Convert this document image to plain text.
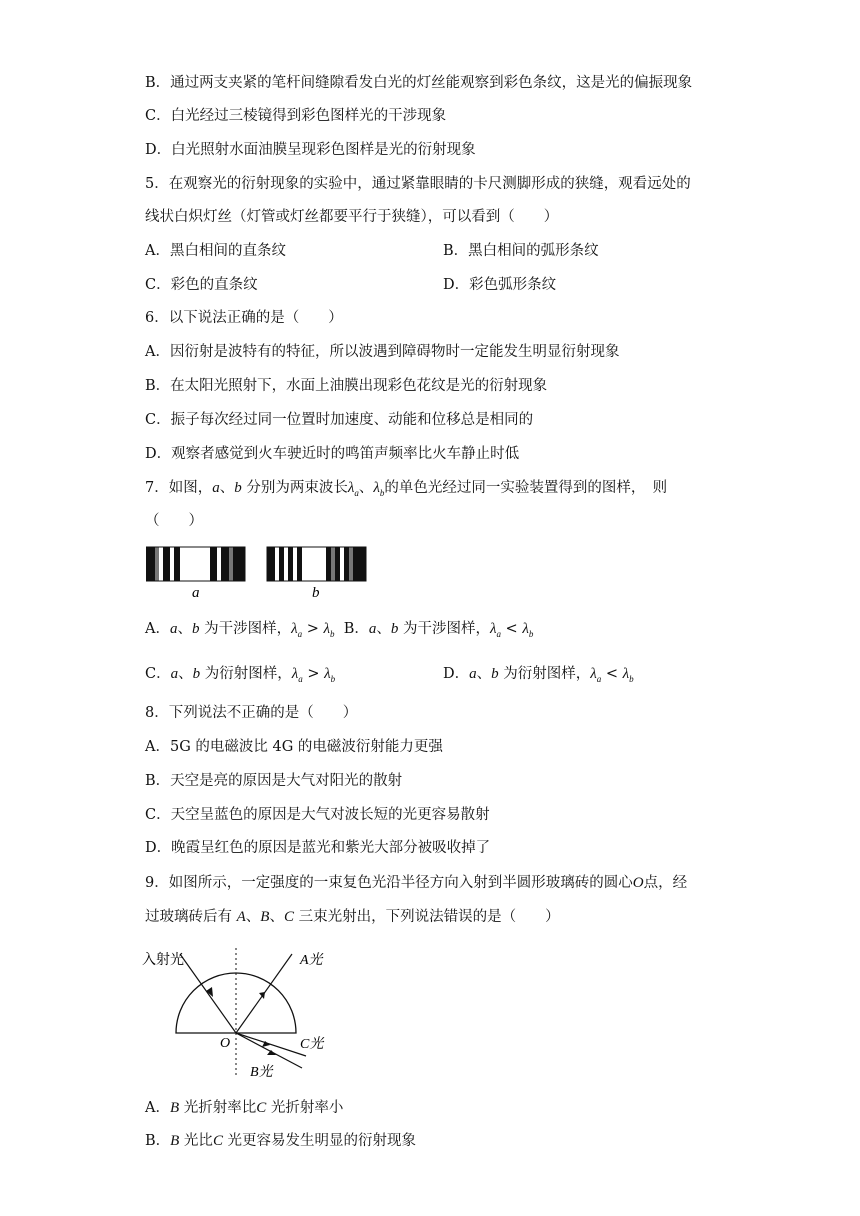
B．通过两支夹紧的笔杆间缝隙看发白光的灯丝能观察到彩色条纹，这是光的偏振现象
C．白光经过三棱镜得到彩色图样光的干涉现象
D．白光照射水面油膜呈现彩色图样是光的衍射现象
5．在观察光的衍射现象的实验中，通过紧靠眼睛的卡尺测脚形成的狭缝，观看远处的
线状白炽灯丝（灯管或灯丝都要平行于狭缝），可以看到（　　）
A．黑白相间的直条纹	B．黑白相间的弧形条纹
C．彩色的直条纹	D．彩色弧形条纹
6．以下说法正确的是（　　）
A．因衍射是波特有的特征，所以波遇到障碍物时一定能发生明显衍射现象
B．在太阳光照射下，水面上油膜出现彩色花纹是光的衍射现象
C．振子每次经过同一位置时加速度、动能和位移总是相同的
D．观察者感觉到火车驶近时的鸣笛声频率比火车静止时低
7．如图，a、b 分别为两束波长$\lambda_a$、$\lambda_b$的单色光经过同一实验装置得到的图样，　则
（　　）
a	b
A．a、b 为干涉图样，$\lambda_a > \lambda_b$ B．a、b 为干涉图样，$\lambda_a < \lambda_b$
C．a、b 为衍射图样，$\lambda_a > \lambda_b$	D．a、b 为衍射图样，$\lambda_a < \lambda_b$
8．下列说法不正确的是（　　）
A．5G 的电磁波比 4G 的电磁波衍射能力更强
B．天空是亮的原因是大气对阳光的散射
C．天空呈蓝色的原因是大气对波长短的光更容易散射
D．晚霞呈红色的原因是蓝光和紫光大部分被吸收掉了
9．如图所示，一定强度的一束复色光沿半径方向入射到半圆形玻璃砖的圆心O点，经
过玻璃砖后有 A、B、C 三束光射出，下列说法错误的是（　　）
入射光	A光
C光
B光
O
A．B 光折射率比C 光折射率小
B．B 光比C 光更容易发生明显的衍射现象
